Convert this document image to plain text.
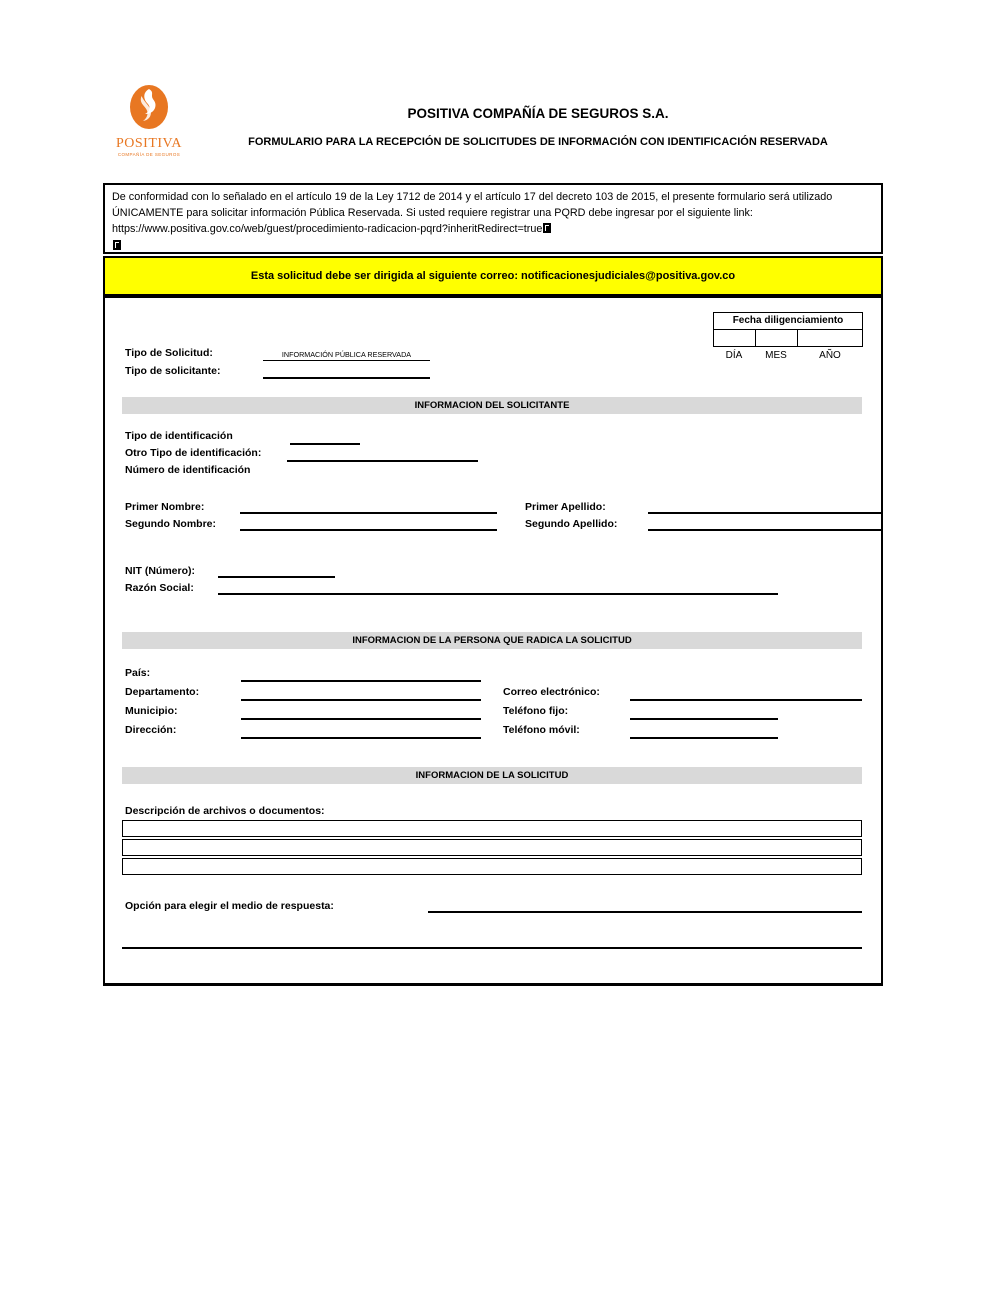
POSITIVA
COMPAÑÍA DE SEGUROS
POSITIVA COMPAÑÍA DE SEGUROS S.A.
FORMULARIO PARA LA RECEPCIÓN DE SOLICITUDES DE INFORMACIÓN CON IDENTIFICACIÓN RESERVADA
De conformidad con lo señalado en el artículo 19 de la Ley 1712 de 2014 y el artículo 17 del decreto 103 de 2015, el presente formulario será utilizado ÚNICAMENTE para solicitar información Pública Reservada. Si usted requiere registrar una PQRD debe ingresar por el siguiente link: https://www.positiva.gov.co/web/guest/procedimiento-radicacion-pqrd?inheritRedirect=true

Esta solicitud debe ser dirigida al siguiente correo: notificacionesjudiciales@positiva.gov.co
Fecha diligenciamiento
DÍA	MES	AÑO
Tipo de Solicitud:	INFORMACIÓN PÚBLICA RESERVADA
Tipo de solicitante:
INFORMACION DEL SOLICITANTE
Tipo de identificación
Otro Tipo de identificación:
Número de identificación
Primer Nombre:	Primer Apellido:
Segundo Nombre:	Segundo Apellido:
NIT (Número):
Razón Social:
INFORMACION DE LA PERSONA QUE RADICA LA SOLICITUD
País:
Departamento:	Correo electrónico:
Municipio:	Teléfono fijo:
Dirección:	Teléfono móvil:
INFORMACION DE LA SOLICITUD
Descripción de archivos o documentos:
Opción para elegir el medio de respuesta:
